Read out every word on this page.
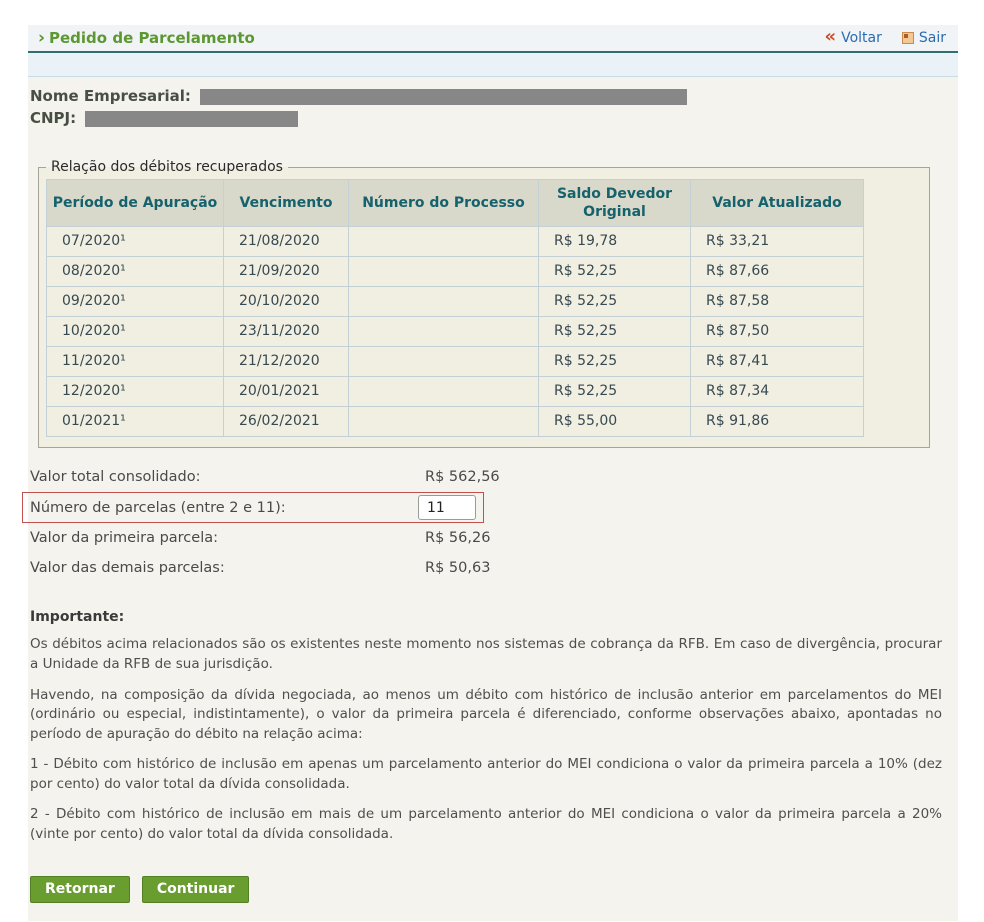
› Pedido de Parcelamento	« Voltar	Sair
Nome Empresarial:
CNPJ:
Relação dos débitos recuperados
Período de Apuração	Vencimento	Número do Processo	Saldo Devedor Original	Valor Atualizado
07/2020¹	21/08/2020		R$ 19,78	R$ 33,21
08/2020¹	21/09/2020		R$ 52,25	R$ 87,66
09/2020¹	20/10/2020		R$ 52,25	R$ 87,58
10/2020¹	23/11/2020		R$ 52,25	R$ 87,50
11/2020¹	21/12/2020		R$ 52,25	R$ 87,41
12/2020¹	20/01/2021		R$ 52,25	R$ 87,34
01/2021¹	26/02/2021		R$ 55,00	R$ 91,86
Valor total consolidado:	R$ 562,56
Número de parcelas (entre 2 e 11):
11
Valor da primeira parcela:	R$ 56,26
Valor das demais parcelas:	R$ 50,63
Importante:

Os débitos acima relacionados são os existentes neste momento nos sistemas de cobrança da RFB. Em caso de divergência, procurar a Unidade da RFB de sua jurisdição.

Havendo, na composição da dívida negociada, ao menos um débito com histórico de inclusão anterior em parcelamentos do MEI (ordinário ou especial, indistintamente), o valor da primeira parcela é diferenciado, conforme observações abaixo, apontadas no período de apuração do débito na relação acima:

1 - Débito com histórico de inclusão em apenas um parcelamento anterior do MEI condiciona o valor da primeira parcela a 10% (dez por cento) do valor total da dívida consolidada.

2 - Débito com histórico de inclusão em mais de um parcelamento anterior do MEI condiciona o valor da primeira parcela a 20% (vinte por cento) do valor total da dívida consolidada.

Retornar	Continuar
